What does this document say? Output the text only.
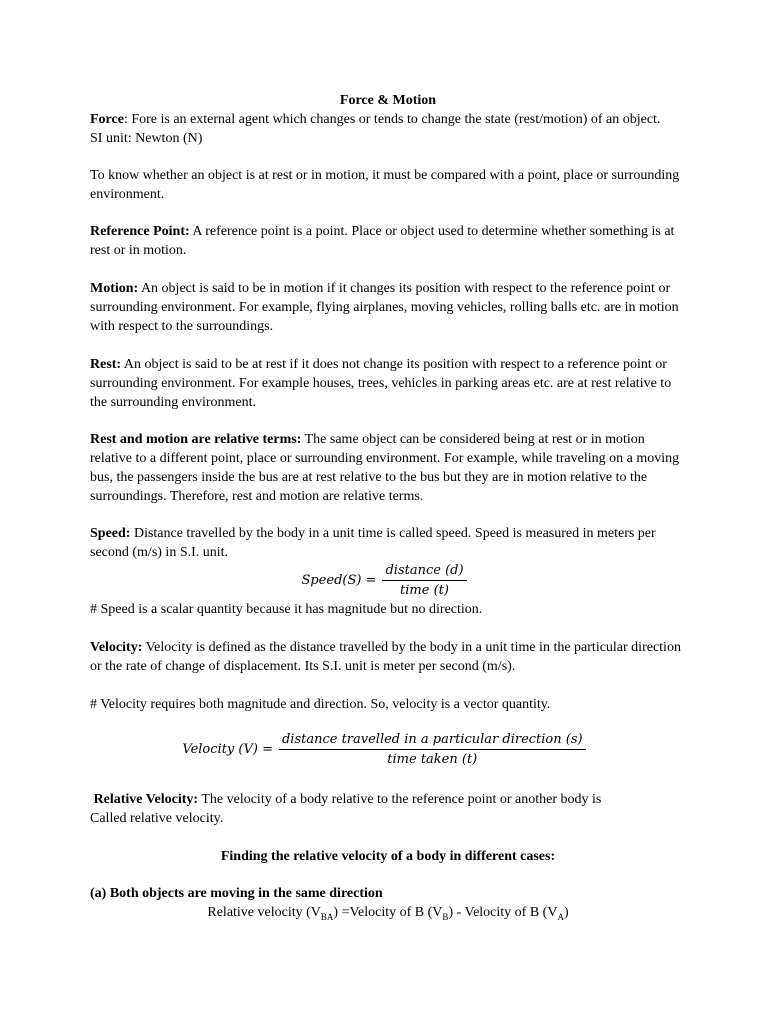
Force & Motion

Force: Fore is an external agent which changes or tends to change the state (rest/motion) of an object.

SI unit: Newton (N)

To know whether an object is at rest or in motion, it must be compared with a point, place or surrounding environment.

Reference Point: A reference point is a point. Place or object used to determine whether something is at rest or in motion.

Motion: An object is said to be in motion if it changes its position with respect to the reference point or surrounding environment. For example, flying airplanes, moving vehicles, rolling balls etc. are in motion with respect to the surroundings.

Rest: An object is said to be at rest if it does not change its position with respect to a reference point or surrounding environment. For example houses, trees, vehicles in parking areas etc. are at rest relative to the surrounding environment.

Rest and motion are relative terms: The same object can be considered being at rest or in motion relative to a different point, place or surrounding environment. For example, while traveling on a moving bus, the passengers inside the bus are at rest relative to the bus but they are in motion relative to the surroundings. Therefore, rest and motion are relative terms.

Speed: Distance travelled by the body in a unit time is called speed. Speed is measured in meters per second (m/s) in S.I. unit.

Speed(S) = $\frac{\text{distance (d)}}{\text{time (t)}}$

# Speed is a scalar quantity because it has magnitude but no direction.

Velocity: Velocity is defined as the distance travelled by the body in a unit time in the particular direction or the rate of change of displacement. Its S.I. unit is meter per second (m/s).

# Velocity requires both magnitude and direction. So, velocity is a vector quantity.

Velocity $(V) = \frac{\text{distance travelled in a particular direction (s)}}{\text{time taken (t)}}$

Relative Velocity: The velocity of a body relative to the reference point or another body is
Called relative velocity.

Finding the relative velocity of a body in different cases:

(a) Both objects are moving in the same direction

Relative velocity $(V_{BA})$ =Velocity of B $(V_B)$ - Velocity of B $(V_A)$
